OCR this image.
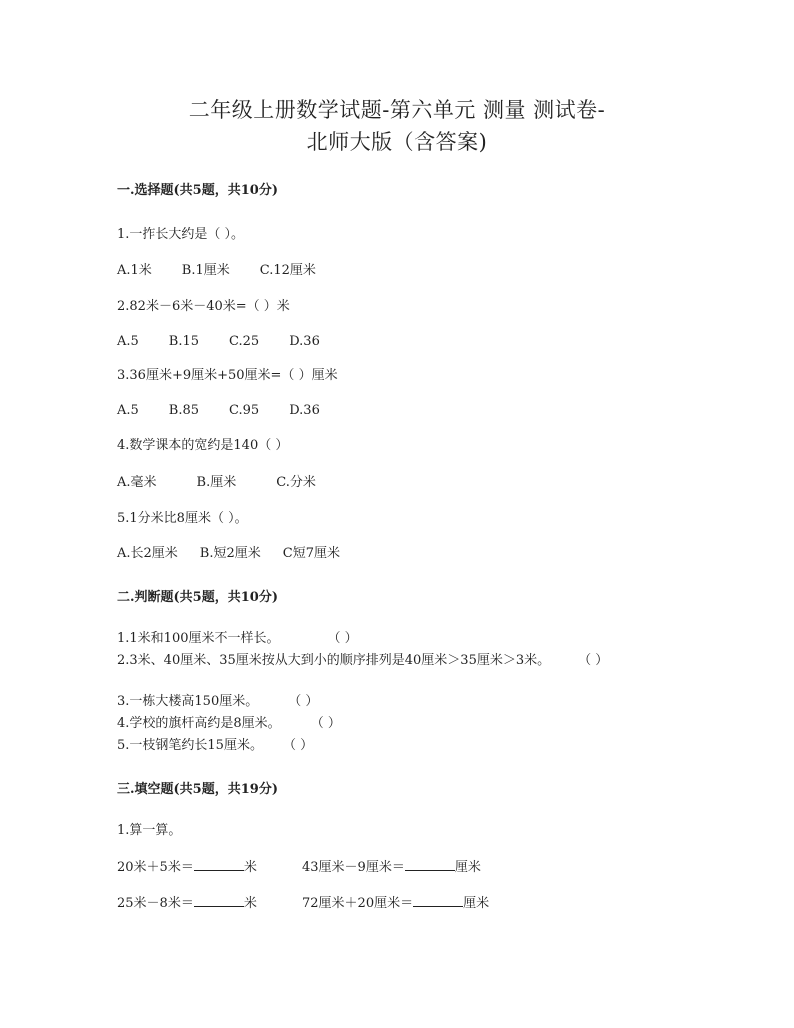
二年级上册数学试题-第六单元 测量 测试卷-
北师大版（含答案)
一.选择题(共5题，共10分)
1.一拃长大约是（ ）。
A.1米 B.1厘米 C.12厘米
2.82米－6米－40米=（ ）米
A.5 B.15 C.25 D.36
3.36厘米+9厘米+50厘米=（ ）厘米
A.5 B.85 C.95 D.36
4.数学课本的宽约是140（ ）
A.毫米	B.厘米	C.分米
5.1分米比8厘米（ ）。
A.长2厘米 B.短2厘米 C短7厘米
二.判断题(共5题，共10分)
1.1米和100厘米不一样长。	（ ）
2.3米、40厘米、35厘米按从大到小的顺序排列是40厘米＞35厘米＞3米。 （ ）
3.一栋大楼高150厘米。 （ ）
4.学校的旗杆高约是8厘米。 （ ）
5.一枝钢笔约长15厘米。 （ ）
三.填空题(共5题，共19分)
1.算一算。
20米＋5米＝	米	43厘米－9厘米＝	厘米
25米－8米＝	米	72厘米＋20厘米＝	厘米
